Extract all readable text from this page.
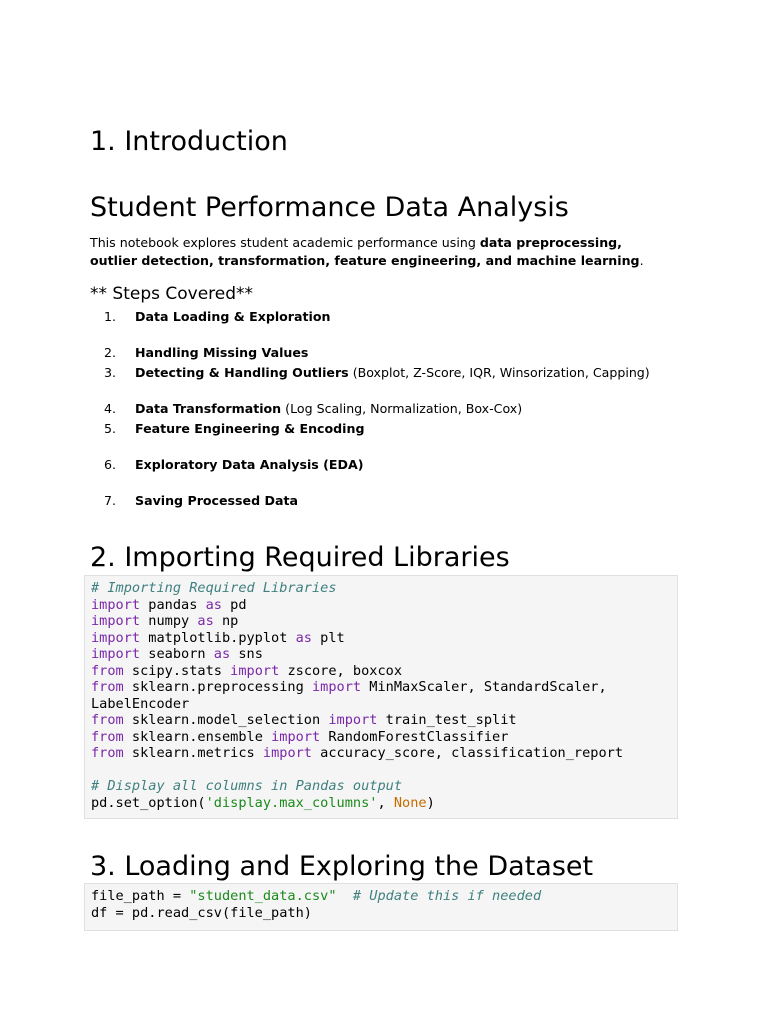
1. Introduction
Student Performance Data Analysis

This notebook explores student academic performance using data preprocessing, outlier detection, transformation, feature engineering, and machine learning.

** Steps Covered**

1. Data Loading & Exploration
2. Handling Missing Values
3. Detecting & Handling Outliers (Boxplot, Z-Score, IQR, Winsorization, Capping)
4. Data Transformation (Log Scaling, Normalization, Box-Cox)
5. Feature Engineering & Encoding
6. Exploratory Data Analysis (EDA)
7. Saving Processed Data
2. Importing Required Libraries
# Importing Required Libraries
import pandas as pd
import numpy as np
import matplotlib.pyplot as plt
import seaborn as sns
from scipy.stats import zscore, boxcox
from sklearn.preprocessing import MinMaxScaler, StandardScaler,
LabelEncoder
from sklearn.model_selection import train_test_split
from sklearn.ensemble import RandomForestClassifier
from sklearn.metrics import accuracy_score, classification_report
# Display all columns in Pandas output
pd.set_option('display.max_columns', None)
3. Loading and Exploring the Dataset
file_path = "student_data.csv" # Update this if needed
df = pd.read_csv(file_path)
